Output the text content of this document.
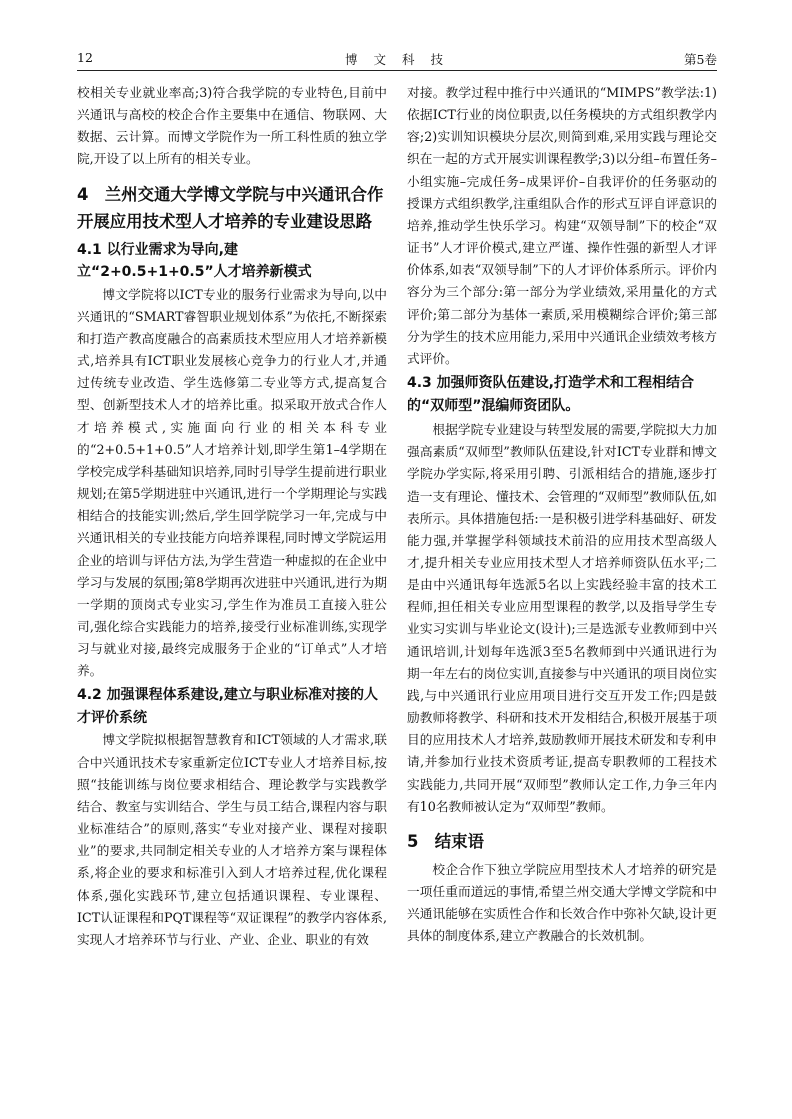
12	博 文 科 技	第5卷

校相关专业就业率高;3)符合我学院的专业特色,目前中兴通讯与高校的校企合作主要集中在通信、物联网、大数据、云计算。而博文学院作为一所工科性质的独立学院,开设了以上所有的相关专业。

4　兰州交通大学博文学院与中兴通讯合作开展应用技术型人才培养的专业建设思路
4.1 以行业需求为导向,建立“2+0.5+1+0.5”人才培养新模式

博文学院将以ICT专业的服务行业需求为导向,以中兴通讯的“SMART睿智职业规划体系”为依托,不断探索和打造产教高度融合的高素质技术型应用人才培养新模式,培养具有ICT职业发展核心竞争力的行业人才,并通过传统专业改造、学生选修第二专业等方式,提高复合型、创新型技术人才的培养比重。拟采取开放式合作人才培养模式,实施面向行业的相关本科专业的“2+0.5+1+0.5”人才培养计划,即学生第1–4学期在学校完成学科基础知识培养,同时引导学生提前进行职业规划;在第5学期进驻中兴通讯,进行一个学期理论与实践相结合的技能实训;然后,学生回学院学习一年,完成与中兴通讯相关的专业技能方向培养课程,同时博文学院运用企业的培训与评估方法,为学生营造一种虚拟的在企业中学习与发展的氛围;第8学期再次进驻中兴通讯,进行为期一学期的顶岗式专业实习,学生作为准员工直接入驻公司,强化综合实践能力的培养,接受行业标准训练,实现学习与就业对接,最终完成服务于企业的“订单式”人才培养。

4.2 加强课程体系建设,建立与职业标准对接的人才评价系统

博文学院拟根据智慧教育和ICT领域的人才需求,联合中兴通讯技术专家重新定位ICT专业人才培养目标,按照“技能训练与岗位要求相结合、理论教学与实践教学结合、教室与实训结合、学生与员工结合,课程内容与职业标准结合”的原则,落实“专业对接产业、课程对接职业”的要求,共同制定相关专业的人才培养方案与课程体系,将企业的要求和标准引入到人才培养过程,优化课程体系,强化实践环节,建立包括通识课程、专业课程、ICT认证课程和PQT课程等“双证课程”的教学内容体系,实现人才培养环节与行业、产业、企业、职业的有效

对接。教学过程中推行中兴通讯的“MIMPS”教学法:1)依据ICT行业的岗位职责,以任务模块的方式组织教学内容;2)实训知识模块分层次,则简到难,采用实践与理论交织在一起的方式开展实训课程教学;3)以分组–布置任务–小组实施–完成任务–成果评价–自我评价的任务驱动的授课方式组织教学,注重组队合作的形式互评自评意识的培养,推动学生快乐学习。构建“双领导制”下的校企“双证书”人才评价模式,建立严谨、操作性强的新型人才评价体系,如表“双领导制”下的人才评价体系所示。评价内容分为三个部分:第一部分为学业绩效,采用量化的方式评价;第二部分为基体一素质,采用模糊综合评价;第三部分为学生的技术应用能力,采用中兴通讯企业绩效考核方式评价。

4.3 加强师资队伍建设,打造学术和工程相结合的“双师型”混编师资团队。

根据学院专业建设与转型发展的需要,学院拟大力加强高素质“双师型”教师队伍建设,针对ICT专业群和博文学院办学实际,将采用引聘、引派相结合的措施,逐步打造一支有理论、懂技术、会管理的“双师型”教师队伍,如表所示。具体措施包括:一是积极引进学科基础好、研发能力强,并掌握学科领域技术前沿的应用技术型高级人才,提升相关专业应用技术型人才培养师资队伍水平;二是由中兴通讯每年选派5名以上实践经验丰富的技术工程师,担任相关专业应用型课程的教学,以及指导学生专业实习实训与毕业论文(设计);三是选派专业教师到中兴通讯培训,计划每年选派3至5名教师到中兴通讯进行为期一年左右的岗位实训,直接参与中兴通讯的项目岗位实践,与中兴通讯行业应用项目进行交互开发工作;四是鼓励教师将教学、科研和技术开发相结合,积极开展基于项目的应用技术人才培养,鼓励教师开展技术研发和专利申请,并参加行业技术资质考证,提高专职教师的工程技术实践能力,共同开展“双师型”教师认定工作,力争三年内有10名教师被认定为“双师型”教师。

5　结束语

校企合作下独立学院应用型技术人才培养的研究是一项任重而道远的事情,希望兰州交通大学博文学院和中兴通讯能够在实质性合作和长效合作中弥补欠缺,设计更具体的制度体系,建立产教融合的长效机制。
